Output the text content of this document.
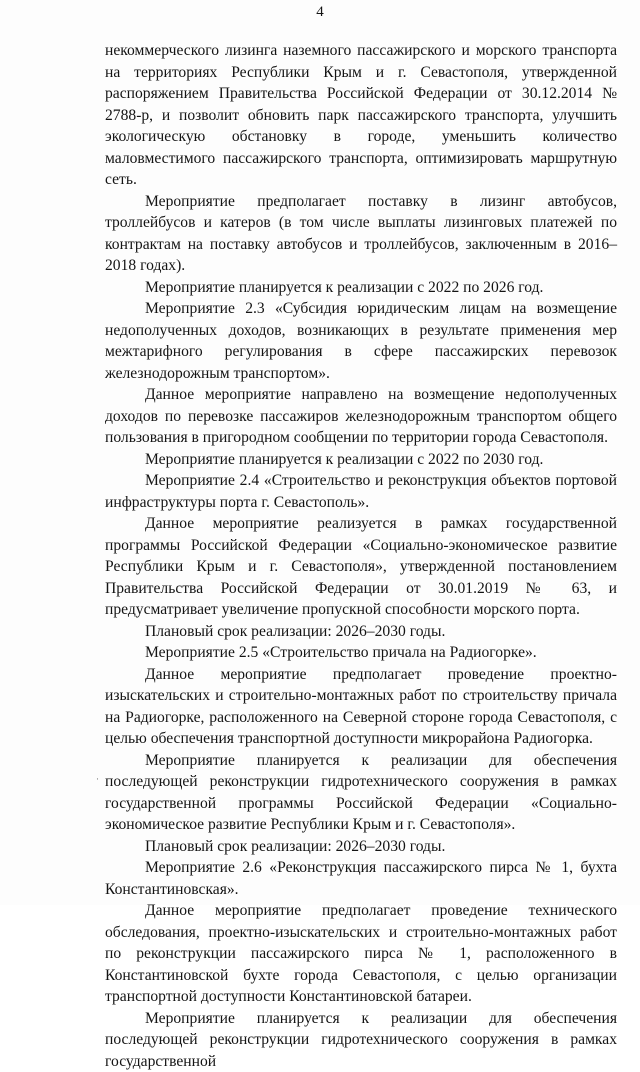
4

некоммерческого лизинга наземного пассажирского и морского транспорта на территориях Республики Крым и г. Севастополя, утвержденной распоряжением Правительства Российской Федерации от 30.12.2014 № 2788-р, и позволит обновить парк пассажирского транспорта, улучшить экологическую обстановку в городе, уменьшить количество маловместимого пассажирского транспорта, оптимизировать маршрутную сеть.

Мероприятие предполагает поставку в лизинг автобусов, троллейбусов и катеров (в том числе выплаты лизинговых платежей по контрактам на поставку автобусов и троллейбусов, заключенным в 2016–2018 годах).

Мероприятие планируется к реализации с 2022 по 2026 год.

Мероприятие 2.3 «Субсидия юридическим лицам на возмещение недополученных доходов, возникающих в результате применения мер межтарифного регулирования в сфере пассажирских перевозок железнодорожным транспортом».

Данное мероприятие направлено на возмещение недополученных доходов по перевозке пассажиров железнодорожным транспортом общего пользования в пригородном сообщении по территории города Севастополя.

Мероприятие планируется к реализации с 2022 по 2030 год.

Мероприятие 2.4 «Строительство и реконструкция объектов портовой инфраструктуры порта г. Севастополь».

Данное мероприятие реализуется в рамках государственной программы Российской Федерации «Социально-экономическое развитие Республики Крым и г. Севастополя», утвержденной постановлением Правительства Российской Федерации от 30.01.2019 № 63, и предусматривает увеличение пропускной способности морского порта.

Плановый срок реализации: 2026–2030 годы.

Мероприятие 2.5 «Строительство причала на Радиогорке».

Данное мероприятие предполагает проведение проектно-изыскательских и строительно-монтажных работ по строительству причала на Радиогорке, расположенного на Северной стороне города Севастополя, с целью обеспечения транспортной доступности микрорайона Радиогорка.

Мероприятие планируется к реализации для обеспечения последующей реконструкции гидротехнического сооружения в рамках государственной программы Российской Федерации «Социально-экономическое развитие Республики Крым и г. Севастополя».

Плановый срок реализации: 2026–2030 годы.

Мероприятие 2.6 «Реконструкция пассажирского пирса № 1, бухта Константиновская».

Данное мероприятие предполагает проведение технического обследования, проектно-изыскательских и строительно-монтажных работ по реконструкции пассажирского пирса № 1, расположенного в Константиновской бухте города Севастополя, с целью организации транспортной доступности Константиновской батареи.

Мероприятие планируется к реализации для обеспечения последующей реконструкции гидротехнического сооружения в рамках государственной

·
